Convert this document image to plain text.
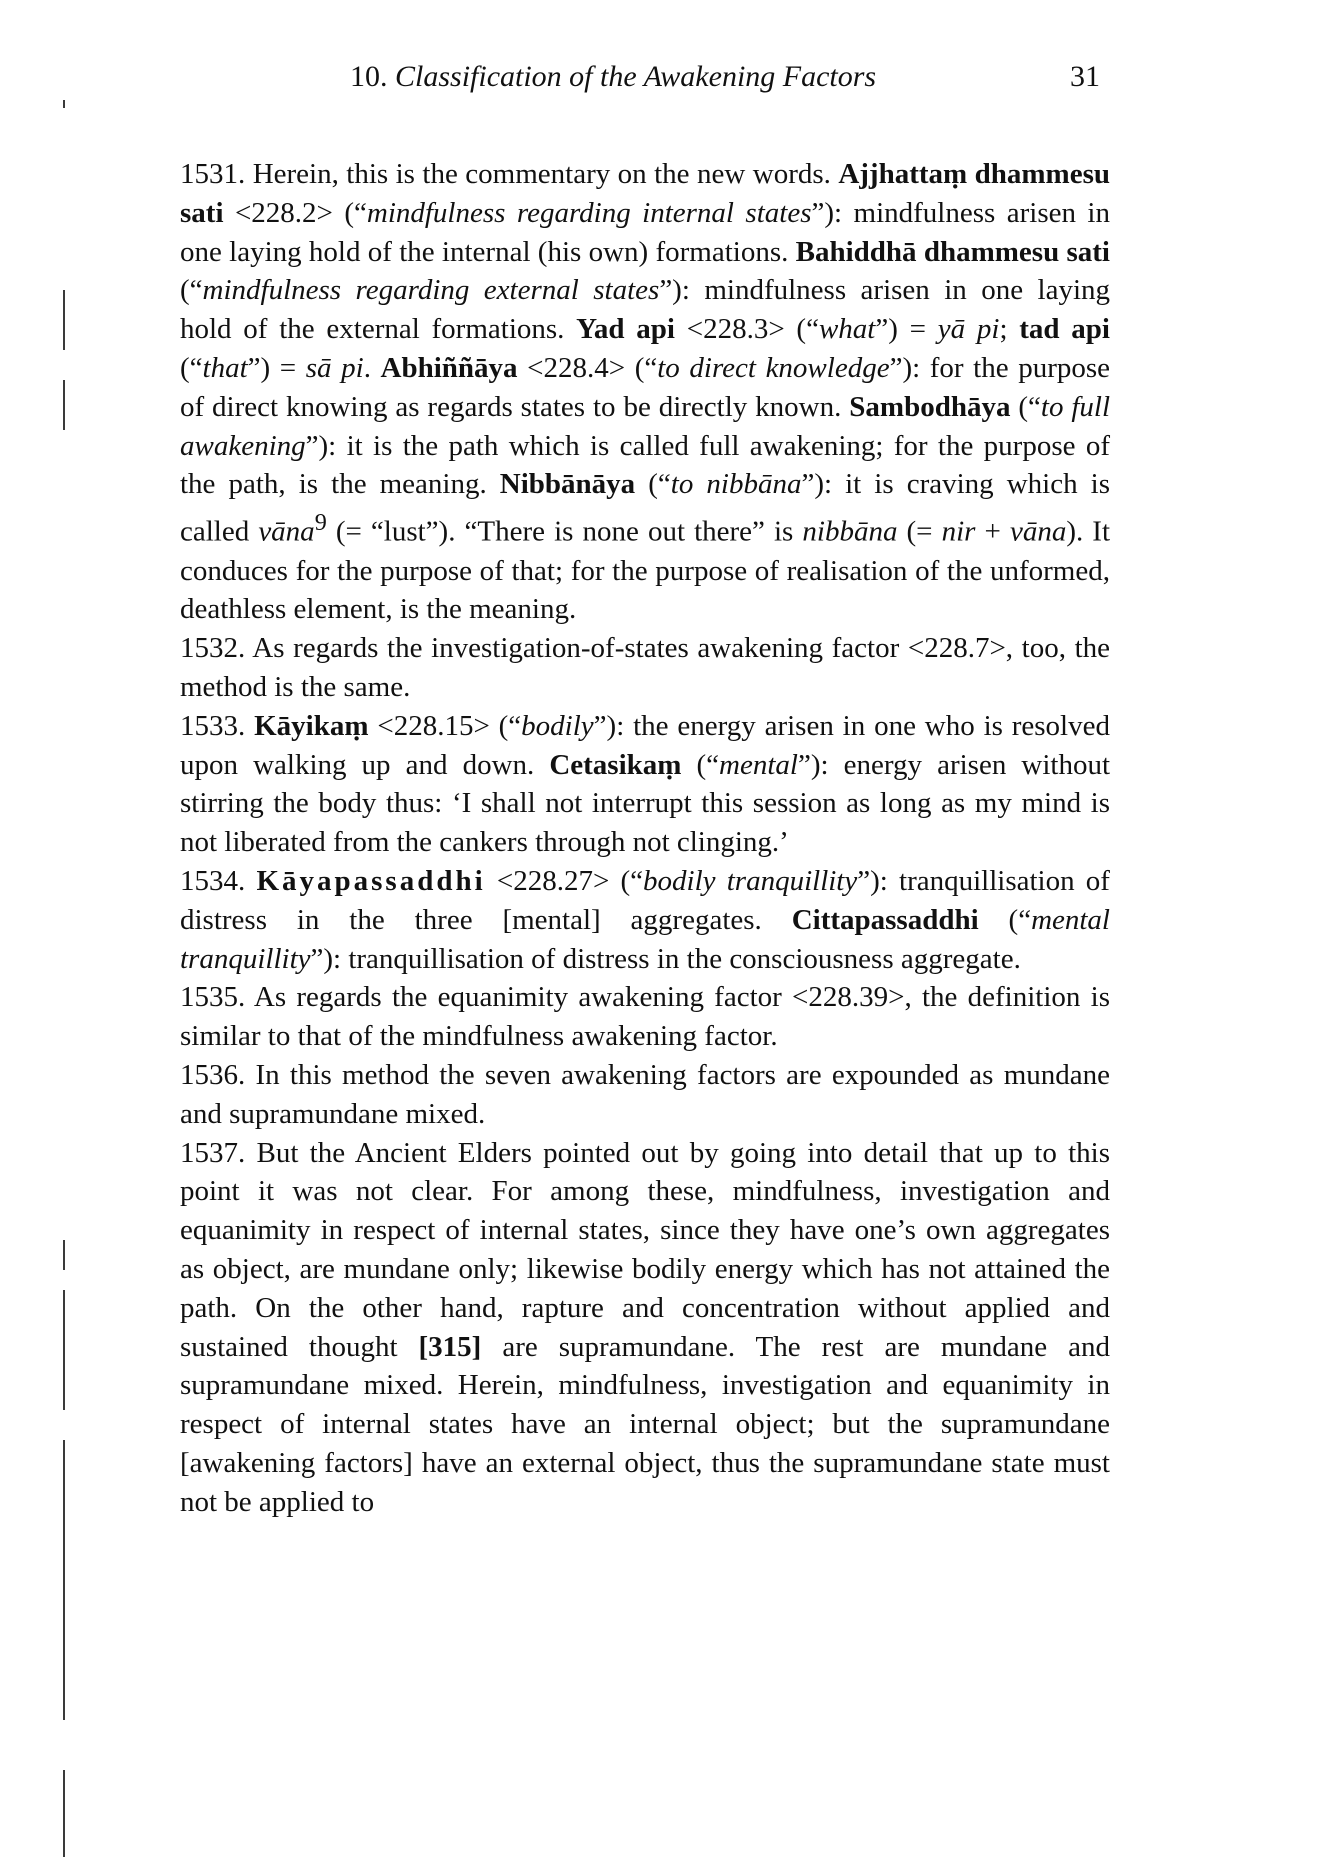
10. Classification of the Awakening Factors	31

1531. Herein, this is the commentary on the new words. Ajjhattaṃ dhammesu sati <228.2> (“mindfulness regarding internal states”): mindfulness arisen in one laying hold of the internal (his own) formations. Bahiddhā dhammesu sati (“mindfulness regarding external states”): mindfulness arisen in one laying hold of the external formations. Yad api <228.3> (“what”) = yā pi; tad api (“that”) = sā pi. Abhiññāya <228.4> (“to direct knowledge”): for the purpose of direct knowing as regards states to be directly known. Sambodhāya (“to full awakening”): it is the path which is called full awakening; for the purpose of the path, is the meaning. Nibbānāya (“to nibbāna”): it is craving which is called vāna$^9$ (= “lust”). “There is none out there” is nibbāna (= nir + vāna). It conduces for the purpose of that; for the purpose of realisation of the unformed, deathless element, is the meaning.

1532. As regards the investigation-of-states awakening factor <228.7>, too, the method is the same.

1533. Kāyikaṃ <228.15> (“bodily”): the energy arisen in one who is resolved upon walking up and down. Cetasikaṃ (“mental”): energy arisen without stirring the body thus: ‘I shall not interrupt this session as long as my mind is not liberated from the cankers through not clinging.’

1534. Kāyapassaddhi <228.27> (“bodily tranquillity”): tranquillisation of distress in the three [mental] aggregates. Cittapassaddhi (“mental tranquillity”): tranquillisation of distress in the consciousness aggregate.

1535. As regards the equanimity awakening factor <228.39>, the definition is similar to that of the mindfulness awakening factor.

1536. In this method the seven awakening factors are expounded as mundane and supramundane mixed.

1537. But the Ancient Elders pointed out by going into detail that up to this point it was not clear. For among these, mindfulness, investigation and equanimity in respect of internal states, since they have one’s own aggregates as object, are mundane only; likewise bodily energy which has not attained the path. On the other hand, rapture and concentration without applied and sustained thought [315] are supramundane. The rest are mundane and supramundane mixed. Herein, mindfulness, investigation and equanimity in respect of internal states have an internal object; but the supramundane [awakening factors] have an external object, thus the supramundane state must not be applied to
